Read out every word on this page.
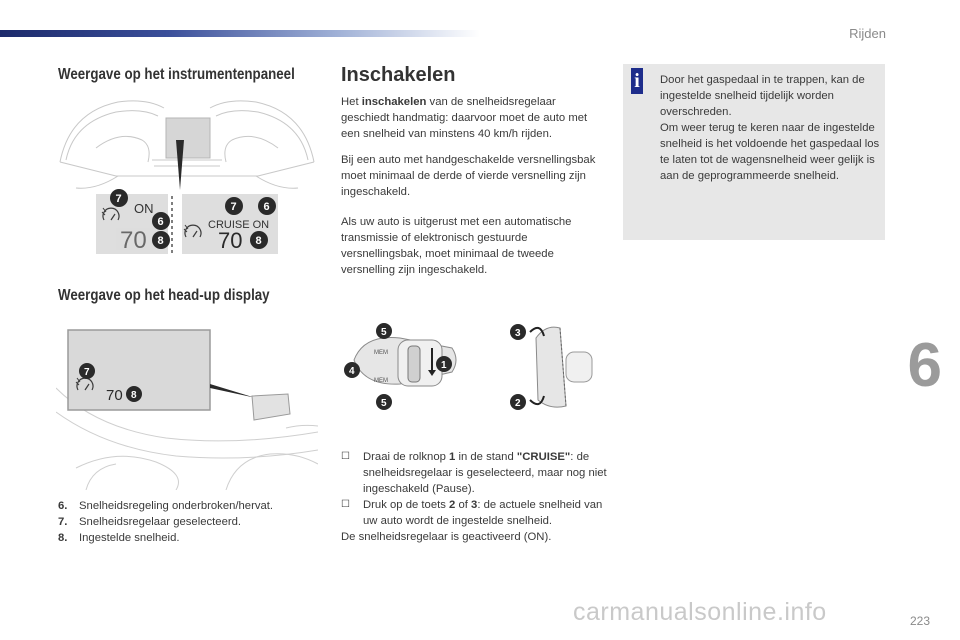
Rijden
6
Weergave op het instrumentenpaneel
Weergave op het head-up display
Inschakelen
ON
70
7
6
8
CRUISE ON
70
7 6
8
70
7
8
MEM
MEM
5
5
4
1
3
2

Het inschakelen van de snelheidsregelaar geschiedt handmatig: daarvoor moet de auto met een snelheid van minstens 40 km/h rijden.

Bij een auto met handgeschakelde versnellingsbak moet minimaal de derde of vierde versnelling zijn ingeschakeld.

Als uw auto is uitgerust met een automatische transmissie of elektronisch gestuurde versnellingsbak, moet minimaal de tweede versnelling zijn ingeschakeld.

i Door het gaspedaal in te trappen, kan de ingestelde snelheid tijdelijk worden overschreden.
Om weer terug te keren naar de ingestelde snelheid is het voldoende het gaspedaal los te laten tot de wagensnelheid weer gelijk is aan de geprogrammeerde snelheid.

6. Snelheidsregeling onderbroken/hervat.
7. Snelheidsregelaar geselecteerd.
8. Ingestelde snelheid.
☐ Draai de rolknop 1 in de stand "CRUISE": de snelheidsregelaar is geselecteerd, maar nog niet ingeschakeld (Pause).
☐ Druk op de toets 2 of 3: de actuele snelheid van uw auto wordt de ingestelde snelheid.
De snelheidsregelaar is geactiveerd (ON).
carmanualsonline.info	223
